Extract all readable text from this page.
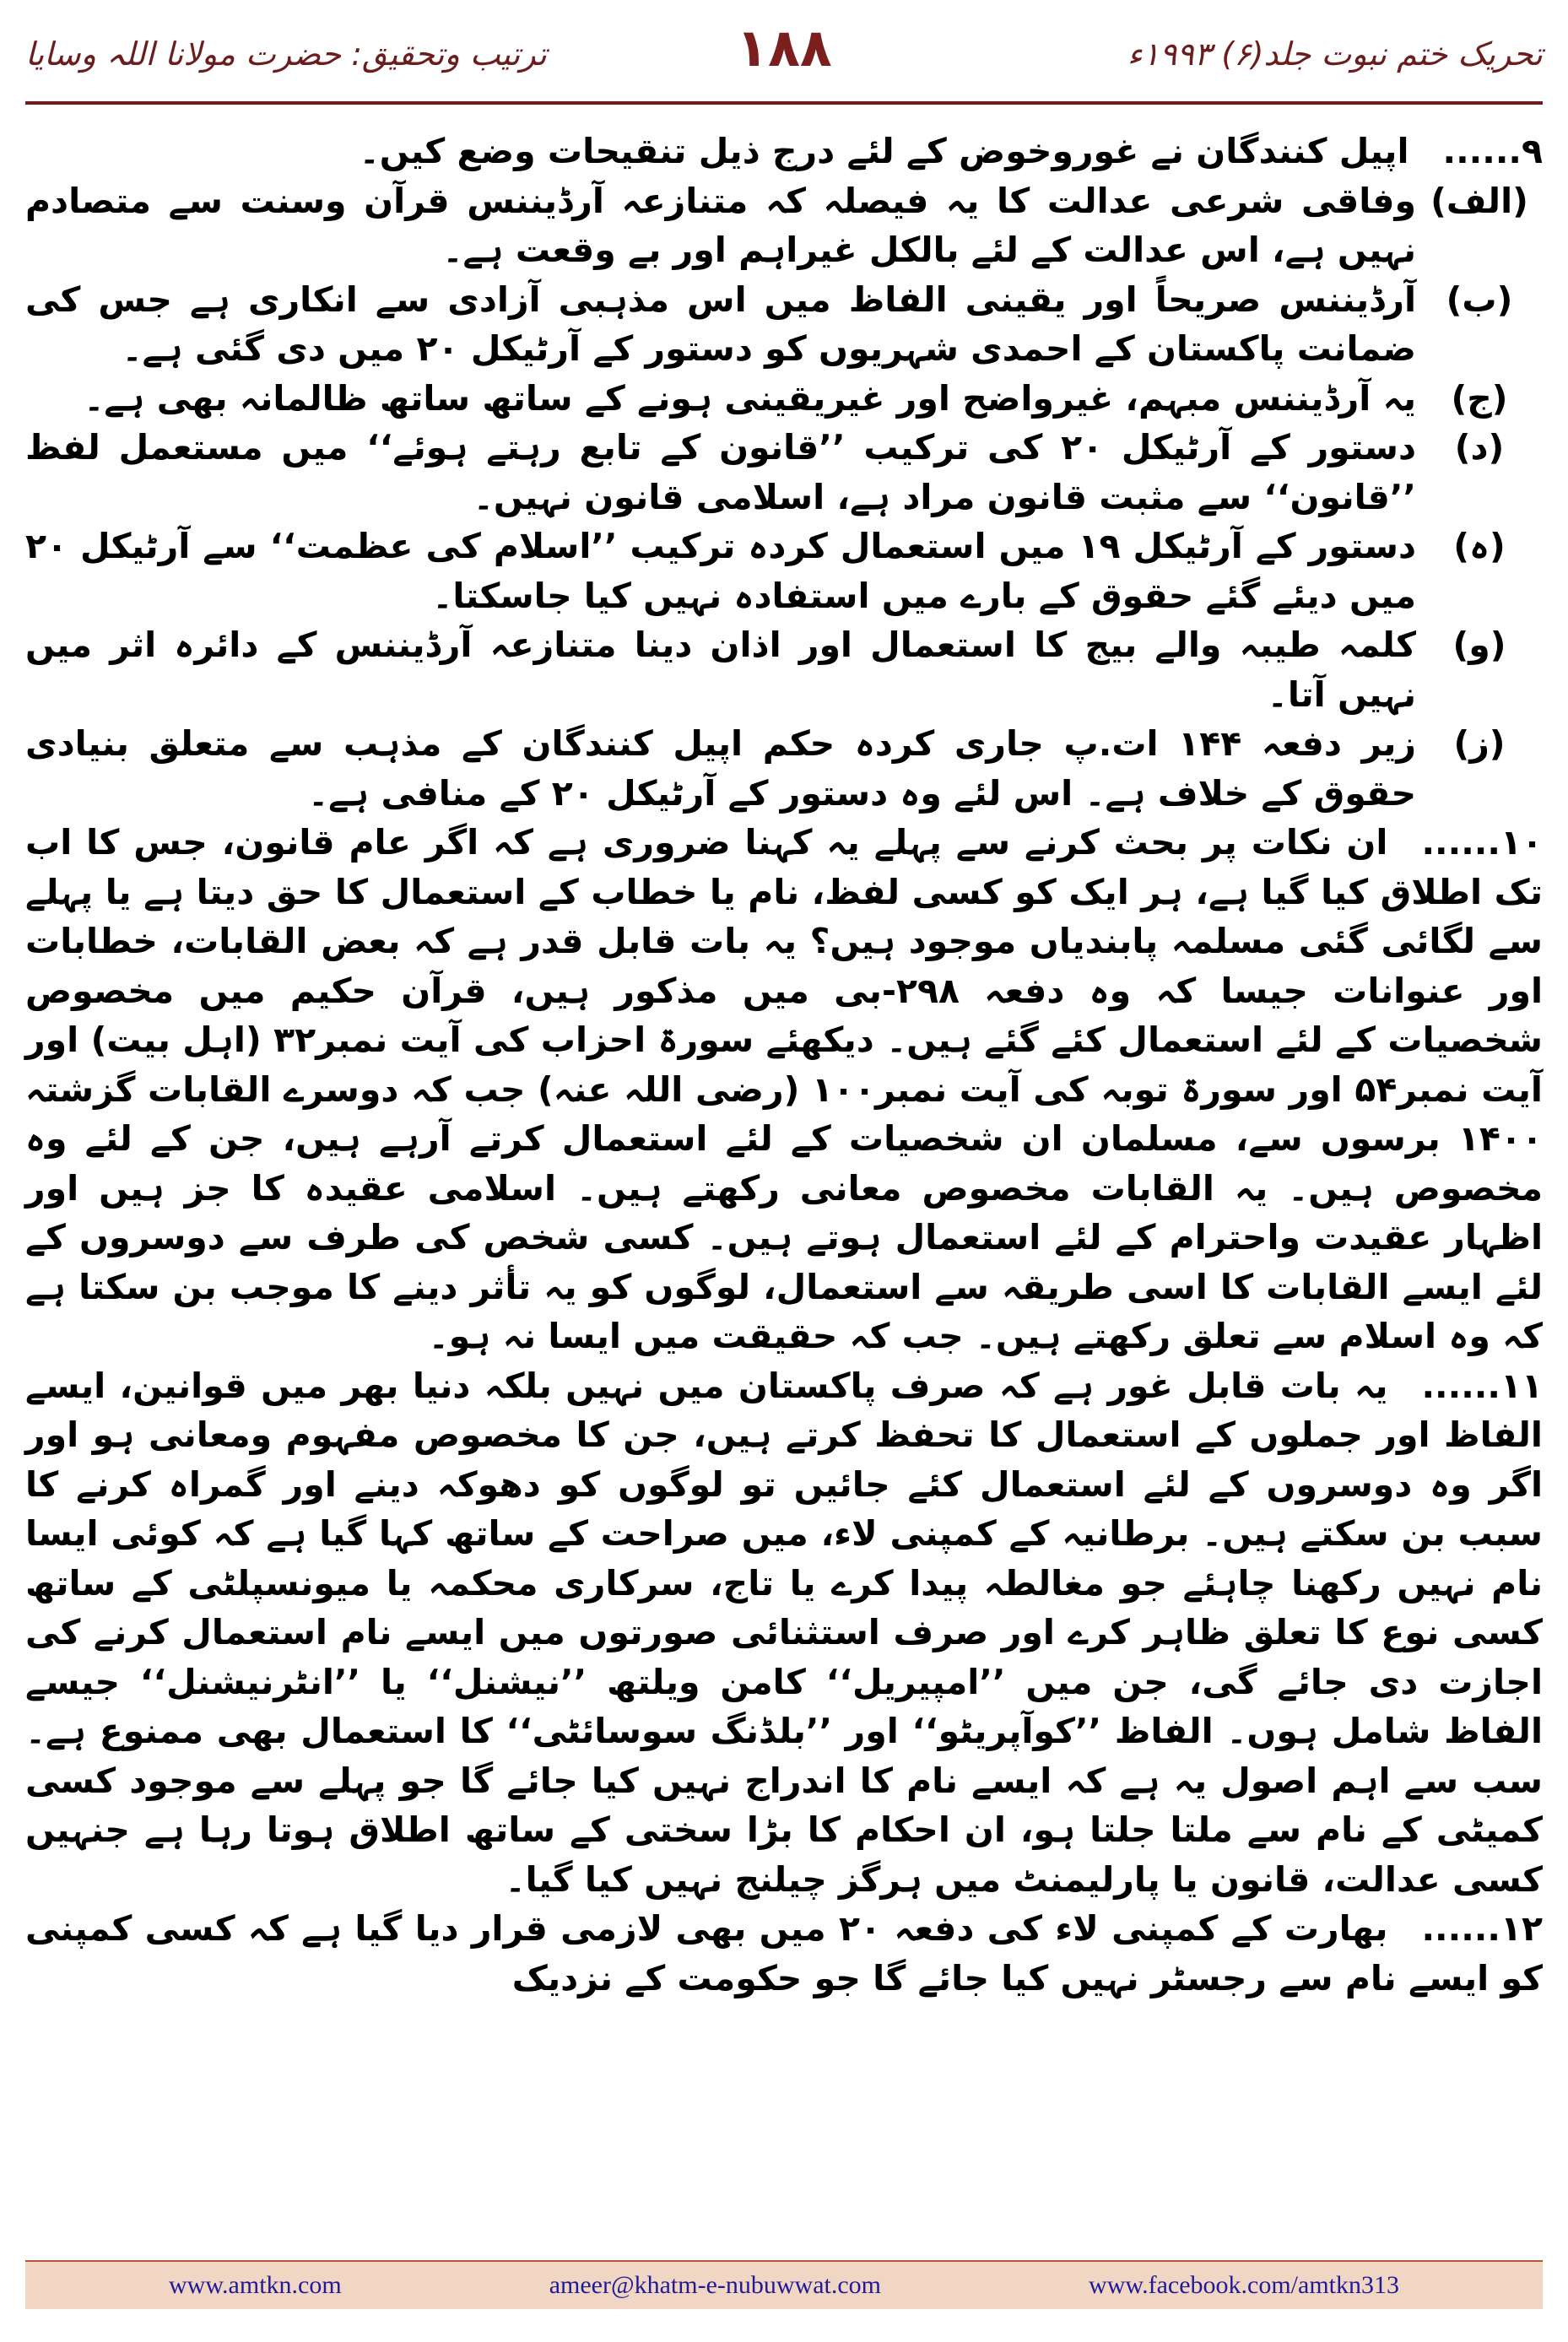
تحریک ختم نبوت جلد(۶) ۱۹۹۳ء
۱۸۸
ترتیب وتحقیق: حضرت مولانا اللہ وسایا

۹......اپیل کنندگان نے غوروخوض کے لئے درج ذیل تنقیحات وضع کیں۔

(الف)
وفاقی شرعی عدالت کا یہ فیصلہ کہ متنازعہ آرڈیننس قرآن وسنت سے متصادم نہیں ہے، اس عدالت کے لئے بالکل غیراہم اور بے وقعت ہے۔
(ب)
آرڈیننس صریحاً اور یقینی الفاظ میں اس مذہبی آزادی سے انکاری ہے جس کی ضمانت پاکستان کے احمدی شہریوں کو دستور کے آرٹیکل ۲۰ میں دی گئی ہے۔
(ج)
یہ آرڈیننس مبہم، غیرواضح اور غیریقینی ہونے کے ساتھ ساتھ ظالمانہ بھی ہے۔
(د)
دستور کے آرٹیکل ۲۰ کی ترکیب ’’قانون کے تابع رہتے ہوئے‘‘ میں مستعمل لفظ ’’قانون‘‘ سے مثبت قانون مراد ہے، اسلامی قانون نہیں۔
(ہ)
دستور کے آرٹیکل ۱۹ میں استعمال کردہ ترکیب ’’اسلام کی عظمت‘‘ سے آرٹیکل ۲۰ میں دیئے گئے حقوق کے بارے میں استفادہ نہیں کیا جاسکتا۔
(و)
کلمہ طیبہ والے بیج کا استعمال اور اذان دینا متنازعہ آرڈیننس کے دائرہ اثر میں نہیں آتا۔
(ز)
زیر دفعہ ۱۴۴ ات.پ جاری کردہ حکم اپیل کنندگان کے مذہب سے متعلق بنیادی حقوق کے خلاف ہے۔ اس لئے وہ دستور کے آرٹیکل ۲۰ کے منافی ہے۔

۱۰......ان نکات پر بحث کرنے سے پہلے یہ کہنا ضروری ہے کہ اگر عام قانون، جس کا اب تک اطلاق کیا گیا ہے، ہر ایک کو کسی لفظ، نام یا خطاب کے استعمال کا حق دیتا ہے یا پہلے سے لگائی گئی مسلمہ پابندیاں موجود ہیں؟ یہ بات قابل قدر ہے کہ بعض القابات، خطابات اور عنوانات جیسا کہ وہ دفعہ ۲۹۸-بی میں مذکور ہیں، قرآن حکیم میں مخصوص شخصیات کے لئے استعمال کئے گئے ہیں۔ دیکھئے سورۃ احزاب کی آیت نمبر۳۲ (اہل بیت) اور آیت نمبر۵۴ اور سورۃ توبہ کی آیت نمبر۱۰۰ (رضی اللہ عنہ) جب کہ دوسرے القابات گزشتہ ۱۴۰۰ برسوں سے، مسلمان ان شخصیات کے لئے استعمال کرتے آرہے ہیں، جن کے لئے وہ مخصوص ہیں۔ یہ القابات مخصوص معانی رکھتے ہیں۔ اسلامی عقیدہ کا جز ہیں اور اظہار عقیدت واحترام کے لئے استعمال ہوتے ہیں۔ کسی شخص کی طرف سے دوسروں کے لئے ایسے القابات کا اسی طریقہ سے استعمال، لوگوں کو یہ تأثر دینے کا موجب بن سکتا ہے کہ وہ اسلام سے تعلق رکھتے ہیں۔ جب کہ حقیقت میں ایسا نہ ہو۔

۱۱......یہ بات قابل غور ہے کہ صرف پاکستان میں نہیں بلکہ دنیا بھر میں قوانین، ایسے الفاظ اور جملوں کے استعمال کا تحفظ کرتے ہیں، جن کا مخصوص مفہوم ومعانی ہو اور اگر وہ دوسروں کے لئے استعمال کئے جائیں تو لوگوں کو دھوکہ دینے اور گمراہ کرنے کا سبب بن سکتے ہیں۔ برطانیہ کے کمپنی لاء، میں صراحت کے ساتھ کہا گیا ہے کہ کوئی ایسا نام نہیں رکھنا چاہئے جو مغالطہ پیدا کرے یا تاج، سرکاری محکمہ یا میونسپلٹی کے ساتھ کسی نوع کا تعلق ظاہر کرے اور صرف استثنائی صورتوں میں ایسے نام استعمال کرنے کی اجازت دی جائے گی، جن میں ’’امپیریل‘‘ کامن ویلتھ ’’نیشنل‘‘ یا ’’انٹرنیشنل‘‘ جیسے الفاظ شامل ہوں۔ الفاظ ’’کوآپریٹو‘‘ اور ’’بلڈنگ سوسائٹی‘‘ کا استعمال بھی ممنوع ہے۔ سب سے اہم اصول یہ ہے کہ ایسے نام کا اندراج نہیں کیا جائے گا جو پہلے سے موجود کسی کمیٹی کے نام سے ملتا جلتا ہو، ان احکام کا بڑا سختی کے ساتھ اطلاق ہوتا رہا ہے جنہیں کسی عدالت، قانون یا پارلیمنٹ میں ہرگز چیلنج نہیں کیا گیا۔

۱۲......بھارت کے کمپنی لاء کی دفعہ ۲۰ میں بھی لازمی قرار دیا گیا ہے کہ کسی کمپنی کو ایسے نام سے رجسٹر نہیں کیا جائے گا جو حکومت کے نزدیک

www.amtkn.com	ameer@khatm-e-nubuwwat.com	www.facebook.com/amtkn313
